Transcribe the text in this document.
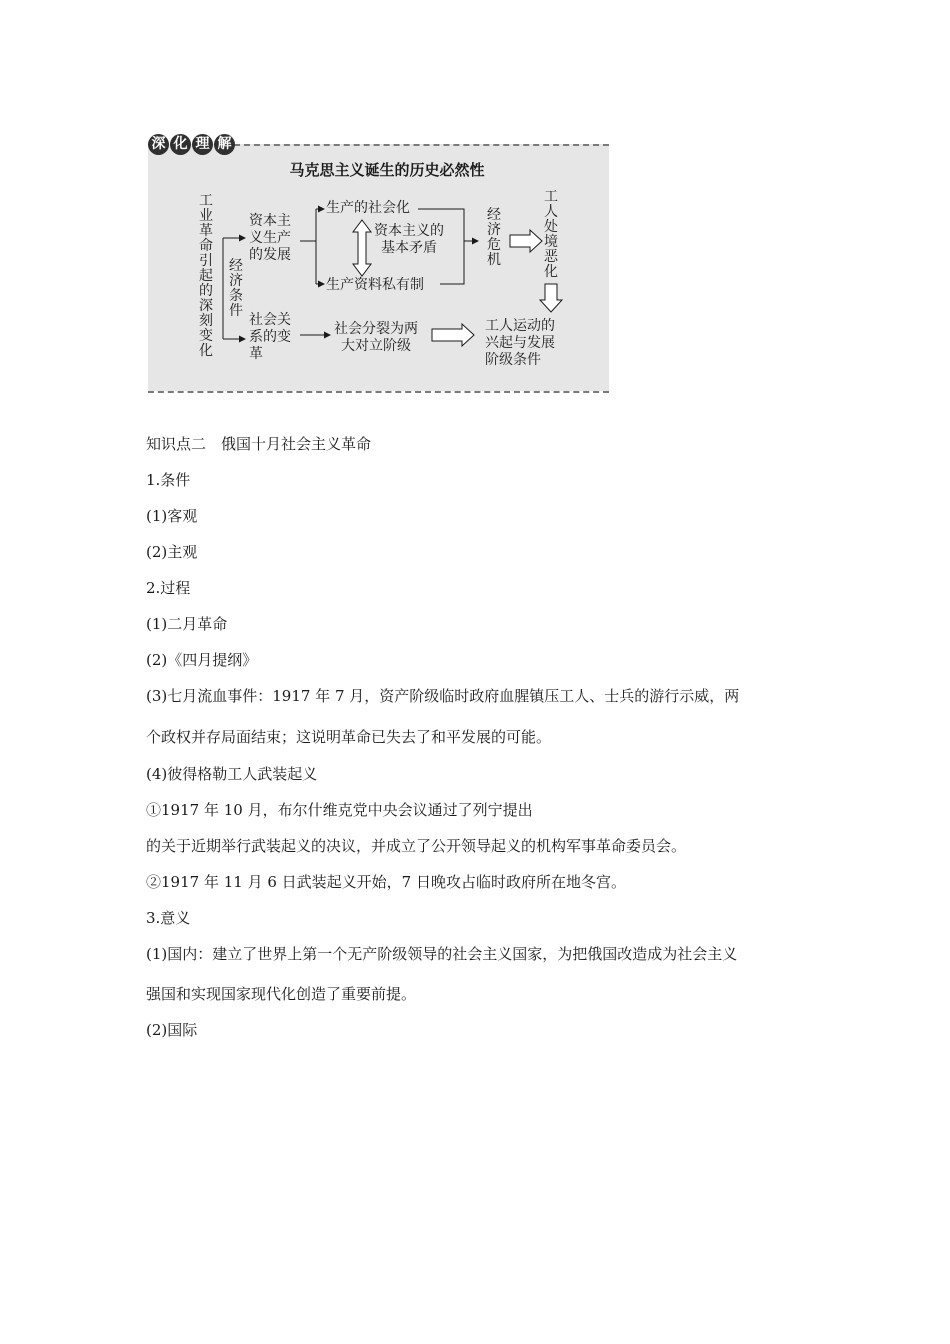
深 化 理 解
马克思主义诞生的历史必然性
工业革命引起的深刻变化
经济条件
资本主
义生产
的发展
生产的社会化
资本主义的
基本矛盾
生产资料私有制
经济危机
工人处境恶化
社会关
系的变
革
社会分裂为两
大对立阶级
工人运动的
兴起与发展
阶级条件
知识点二　俄国十月社会主义革命
1.条件
(1)客观
(2)主观
2.过程
(1)二月革命
(2)《四月提纲》
(3)七月流血事件：1917 年 7 月，资产阶级临时政府血腥镇压工人、士兵的游行示威，两
个政权并存局面结束；这说明革命已失去了和平发展的可能。
(4)彼得格勒工人武装起义
①1917 年 10 月，布尔什维克党中央会议通过了列宁提出
的关于近期举行武装起义的决议，并成立了公开领导起义的机构军事革命委员会。
②1917 年 11 月 6 日武装起义开始，7 日晚攻占临时政府所在地冬宫。
3.意义
(1)国内：建立了世界上第一个无产阶级领导的社会主义国家，为把俄国改造成为社会主义
强国和实现国家现代化创造了重要前提。
(2)国际
